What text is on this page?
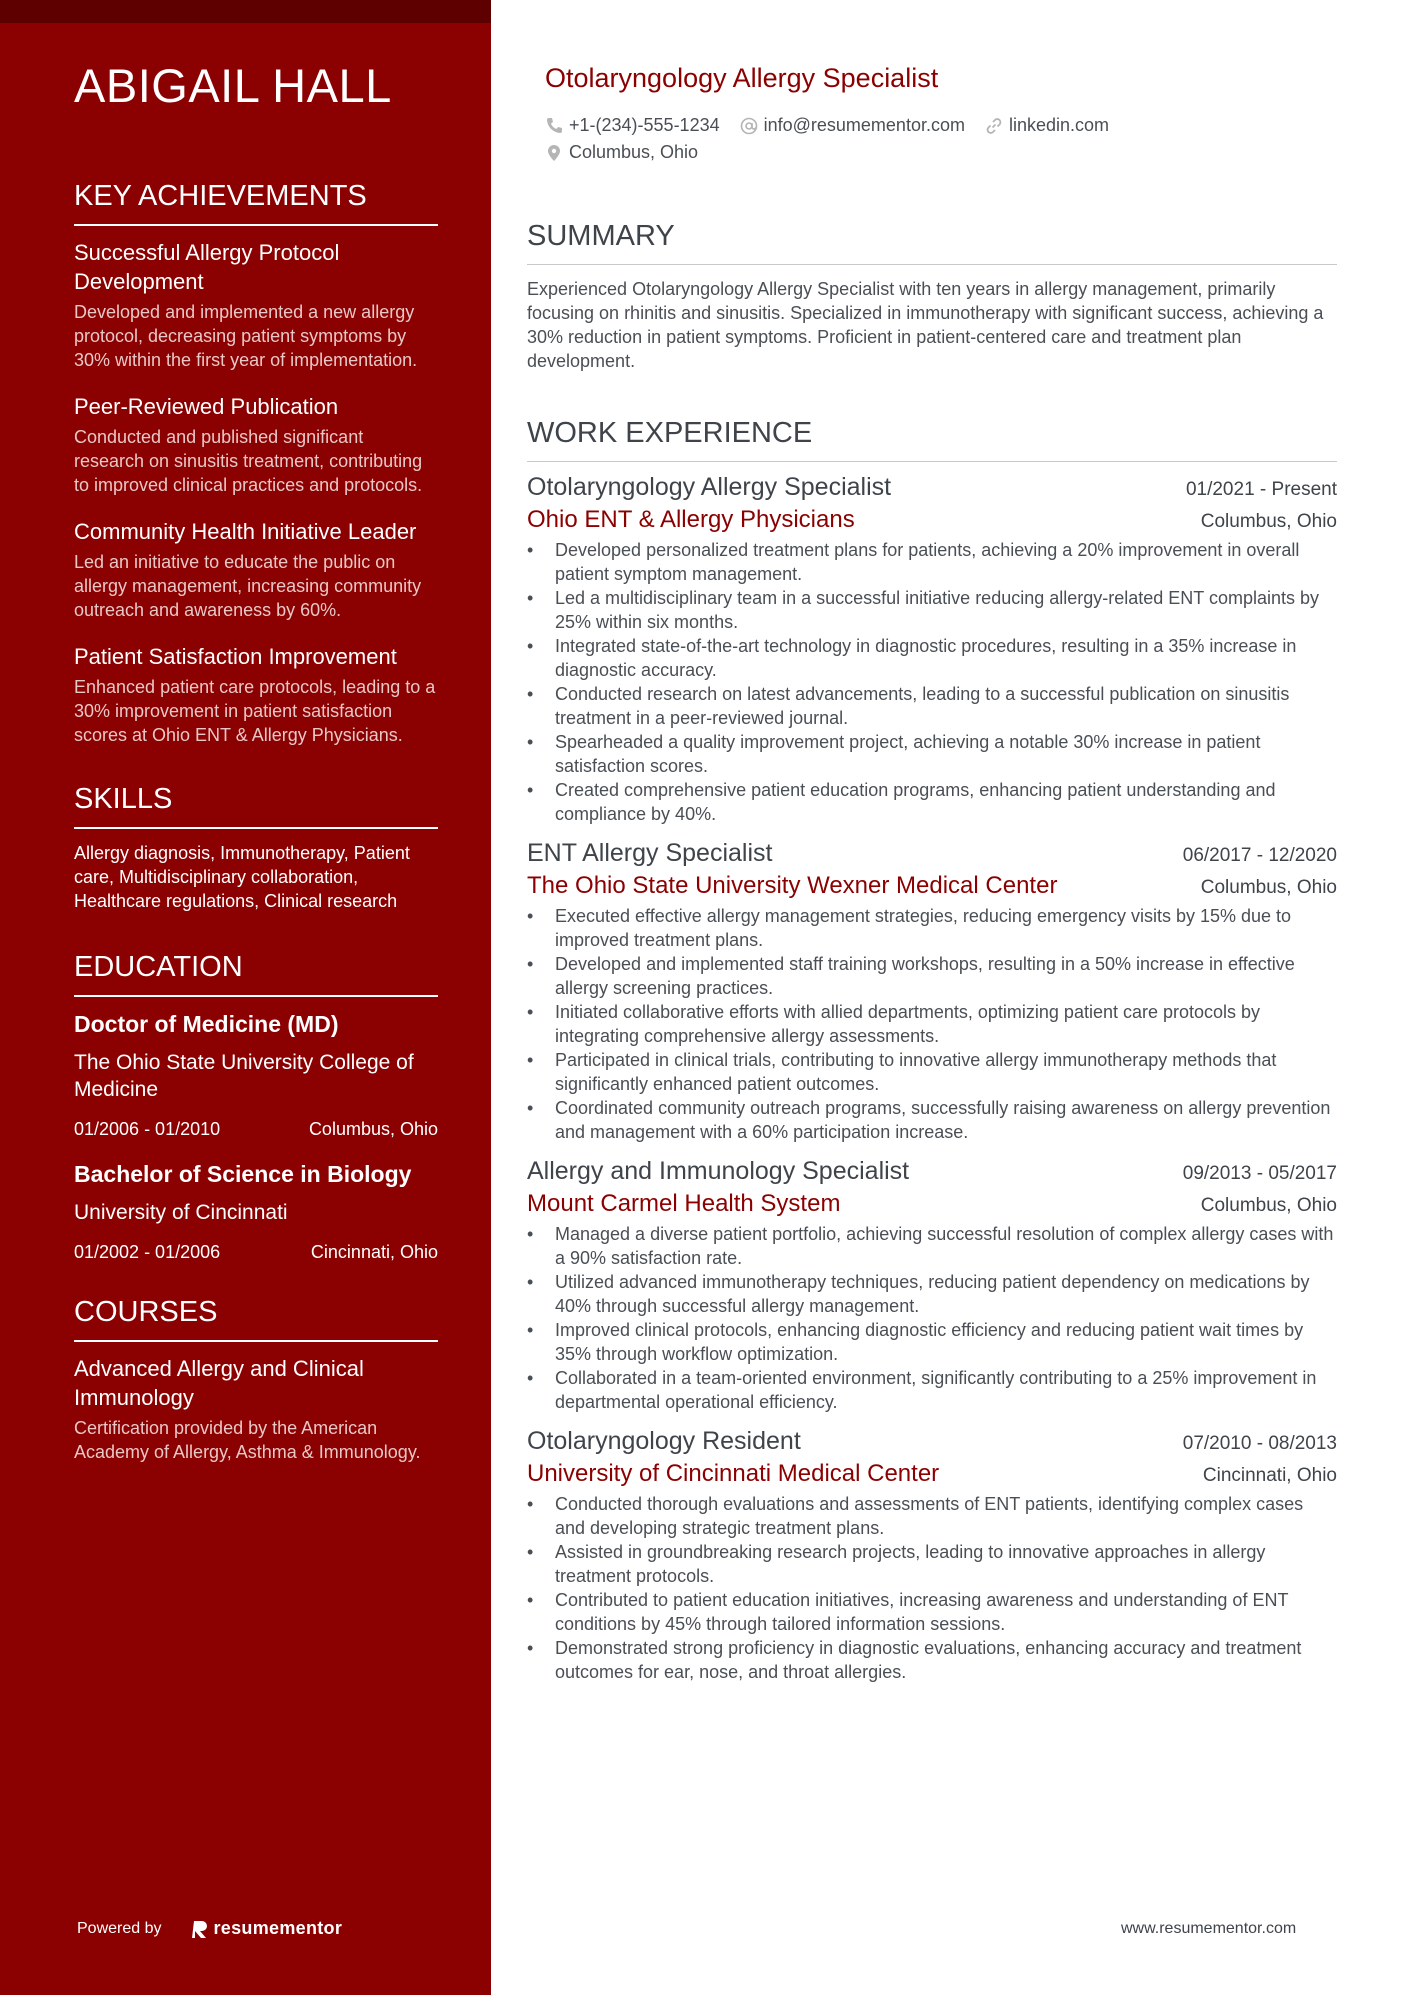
ABIGAIL HALL
KEY ACHIEVEMENTS
Successful Allergy Protocol Development
Developed and implemented a new allergy protocol, decreasing patient symptoms by 30% within the first year of implementation.
Peer-Reviewed Publication
Conducted and published significant research on sinusitis treatment, contributing to improved clinical practices and protocols.
Community Health Initiative Leader
Led an initiative to educate the public on allergy management, increasing community outreach and awareness by 60%.
Patient Satisfaction Improvement
Enhanced patient care protocols, leading to a 30% improvement in patient satisfaction scores at Ohio ENT & Allergy Physicians.
SKILLS
Allergy diagnosis, Immunotherapy, Patient care, Multidisciplinary collaboration, Healthcare regulations, Clinical research
EDUCATION
Doctor of Medicine (MD)
The Ohio State University College of Medicine
01/2006 - 01/2010	Columbus, Ohio
Bachelor of Science in Biology
University of Cincinnati
01/2002 - 01/2006	Cincinnati, Ohio
COURSES
Advanced Allergy and Clinical Immunology
Certification provided by the American Academy of Allergy, Asthma & Immunology.
Powered by	resumementor
Otolaryngology Allergy Specialist
+1-(234)-555-1234 info@resumementor.com linkedin.com
Columbus, Ohio
SUMMARY
Experienced Otolaryngology Allergy Specialist with ten years in allergy management, primarily focusing on rhinitis and sinusitis. Specialized in immunotherapy with significant success, achieving a 30% reduction in patient symptoms. Proficient in patient-centered care and treatment plan development.
WORK EXPERIENCE
Otolaryngology Allergy Specialist	01/2021 - Present
Ohio ENT & Allergy Physicians	Columbus, Ohio
• Developed personalized treatment plans for patients, achieving a 20% improvement in overall patient symptom management.
• Led a multidisciplinary team in a successful initiative reducing allergy-related ENT complaints by 25% within six months.
• Integrated state-of-the-art technology in diagnostic procedures, resulting in a 35% increase in diagnostic accuracy.
• Conducted research on latest advancements, leading to a successful publication on sinusitis treatment in a peer-reviewed journal.
• Spearheaded a quality improvement project, achieving a notable 30% increase in patient satisfaction scores.
• Created comprehensive patient education programs, enhancing patient understanding and compliance by 40%.
ENT Allergy Specialist	06/2017 - 12/2020
The Ohio State University Wexner Medical Center	Columbus, Ohio
• Executed effective allergy management strategies, reducing emergency visits by 15% due to improved treatment plans.
• Developed and implemented staff training workshops, resulting in a 50% increase in effective allergy screening practices.
• Initiated collaborative efforts with allied departments, optimizing patient care protocols by integrating comprehensive allergy assessments.
• Participated in clinical trials, contributing to innovative allergy immunotherapy methods that significantly enhanced patient outcomes.
• Coordinated community outreach programs, successfully raising awareness on allergy prevention and management with a 60% participation increase.
Allergy and Immunology Specialist	09/2013 - 05/2017
Mount Carmel Health System	Columbus, Ohio
• Managed a diverse patient portfolio, achieving successful resolution of complex allergy cases with a 90% satisfaction rate.
• Utilized advanced immunotherapy techniques, reducing patient dependency on medications by 40% through successful allergy management.
• Improved clinical protocols, enhancing diagnostic efficiency and reducing patient wait times by 35% through workflow optimization.
• Collaborated in a team-oriented environment, significantly contributing to a 25% improvement in departmental operational efficiency.
Otolaryngology Resident	07/2010 - 08/2013
University of Cincinnati Medical Center	Cincinnati, Ohio
• Conducted thorough evaluations and assessments of ENT patients, identifying complex cases and developing strategic treatment plans.
• Assisted in groundbreaking research projects, leading to innovative approaches in allergy treatment protocols.
• Contributed to patient education initiatives, increasing awareness and understanding of ENT conditions by 45% through tailored information sessions.
• Demonstrated strong proficiency in diagnostic evaluations, enhancing accuracy and treatment outcomes for ear, nose, and throat allergies.
www.resumementor.com
